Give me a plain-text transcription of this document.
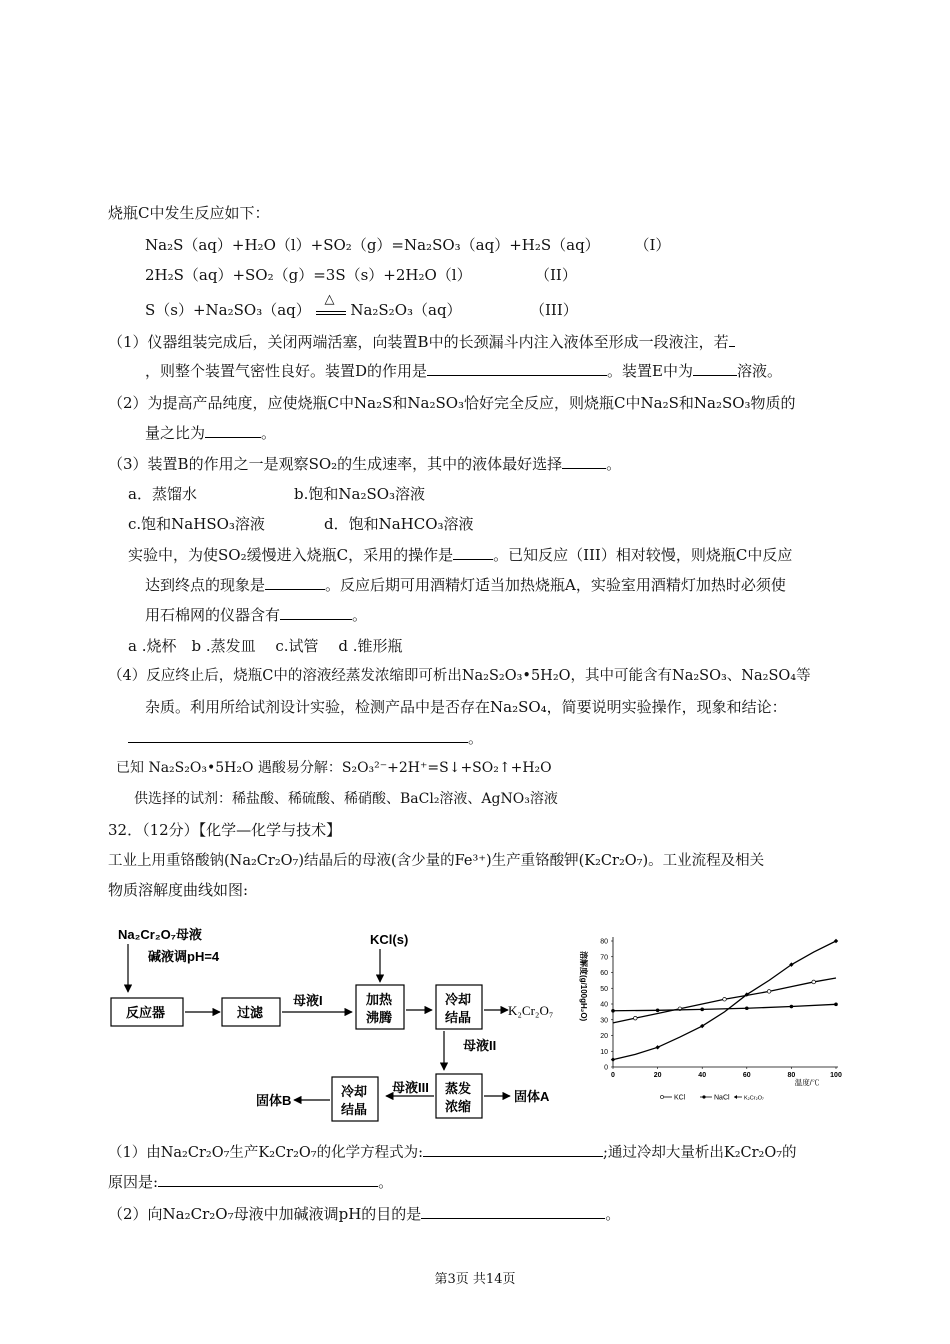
烧瓶C中发生反应如下：
Na₂S（aq）+H₂O（l）+SO₂（g）=Na₂SO₃（aq）+H₂S（aq） （I）
2H₂S（aq）+SO₂（g）=3S（s）+2H₂O（l）	（II）
S（s）+Na₂SO₃（aq）
△
Na₂S₂O₃（aq）	（III）
（1）仪器组装完成后，关闭两端活塞，向装置B中的长颈漏斗内注入液体至形成一段液注，若
，则整个装置气密性良好。装置D的作用是	。装置E中为	溶液。
（2）为提高产品纯度，应使烧瓶C中Na₂S和Na₂SO₃恰好完全反应，则烧瓶C中Na₂S和Na₂SO₃物质的
量之比为	。
（3）装置B的作用之一是观察SO₂的生成速率，其中的液体最好选择	。
a．蒸馏水	b.饱和Na₂SO₃溶液
c.饱和NaHSO₃溶液	d．饱和NaHCO₃溶液
实验中，为使SO₂缓慢进入烧瓶C，采用的操作是	。已知反应（III）相对较慢，则烧瓶C中反应
达到终点的现象是	。反应后期可用酒精灯适当加热烧瓶A，实验室用酒精灯加热时必须使
用石棉网的仪器含有	。
a .烧杯　b .蒸发皿　 c.试管　 d .锥形瓶
（4）反应终止后，烧瓶C中的溶液经蒸发浓缩即可析出Na₂S₂O₃•5H₂O，其中可能含有Na₂SO₃、Na₂SO₄等
杂质。利用所给试剂设计实验，检测产品中是否存在Na₂SO₄，简要说明实验操作，现象和结论：
。
已知 Na₂S₂O₃•5H₂O 遇酸易分解：S₂O₃²⁻+2H⁺=S↓+SO₂↑+H₂O
供选择的试剂：稀盐酸、稀硫酸、稀硝酸、BaCl₂溶液、AgNO₃溶液
32．（12分）【化学—化学与技术】
工业上用重铬酸钠(Na₂Cr₂O₇)结晶后的母液(含少量的Fe³⁺)生产重铬酸钾(K₂Cr₂O₇)。工业流程及相关
物质溶解度曲线如图:
Na₂Cr₂O₇母液
碱液调pH=4
反应器	过滤
母液I
KCl(s)
加热
沸腾
冷却
结晶	K₂Cr₂O₇
母液II
蒸发
浓缩
固体A
母液III
冷却
结晶
固体B
0
10
20
30
40
50
60
70
80
0	20	40	60	80	100
温度/℃
溶解度(g/100gH₂O)
KCl	NaCl	K₂Cr₂O₇
（1）由Na₂Cr₂O₇生产K₂Cr₂O₇的化学方程式为:	;通过冷却大量析出K₂Cr₂O₇的
原因是:	。
（2）向Na₂Cr₂O₇母液中加碱液调pH的目的是	。
第3页 共14页
